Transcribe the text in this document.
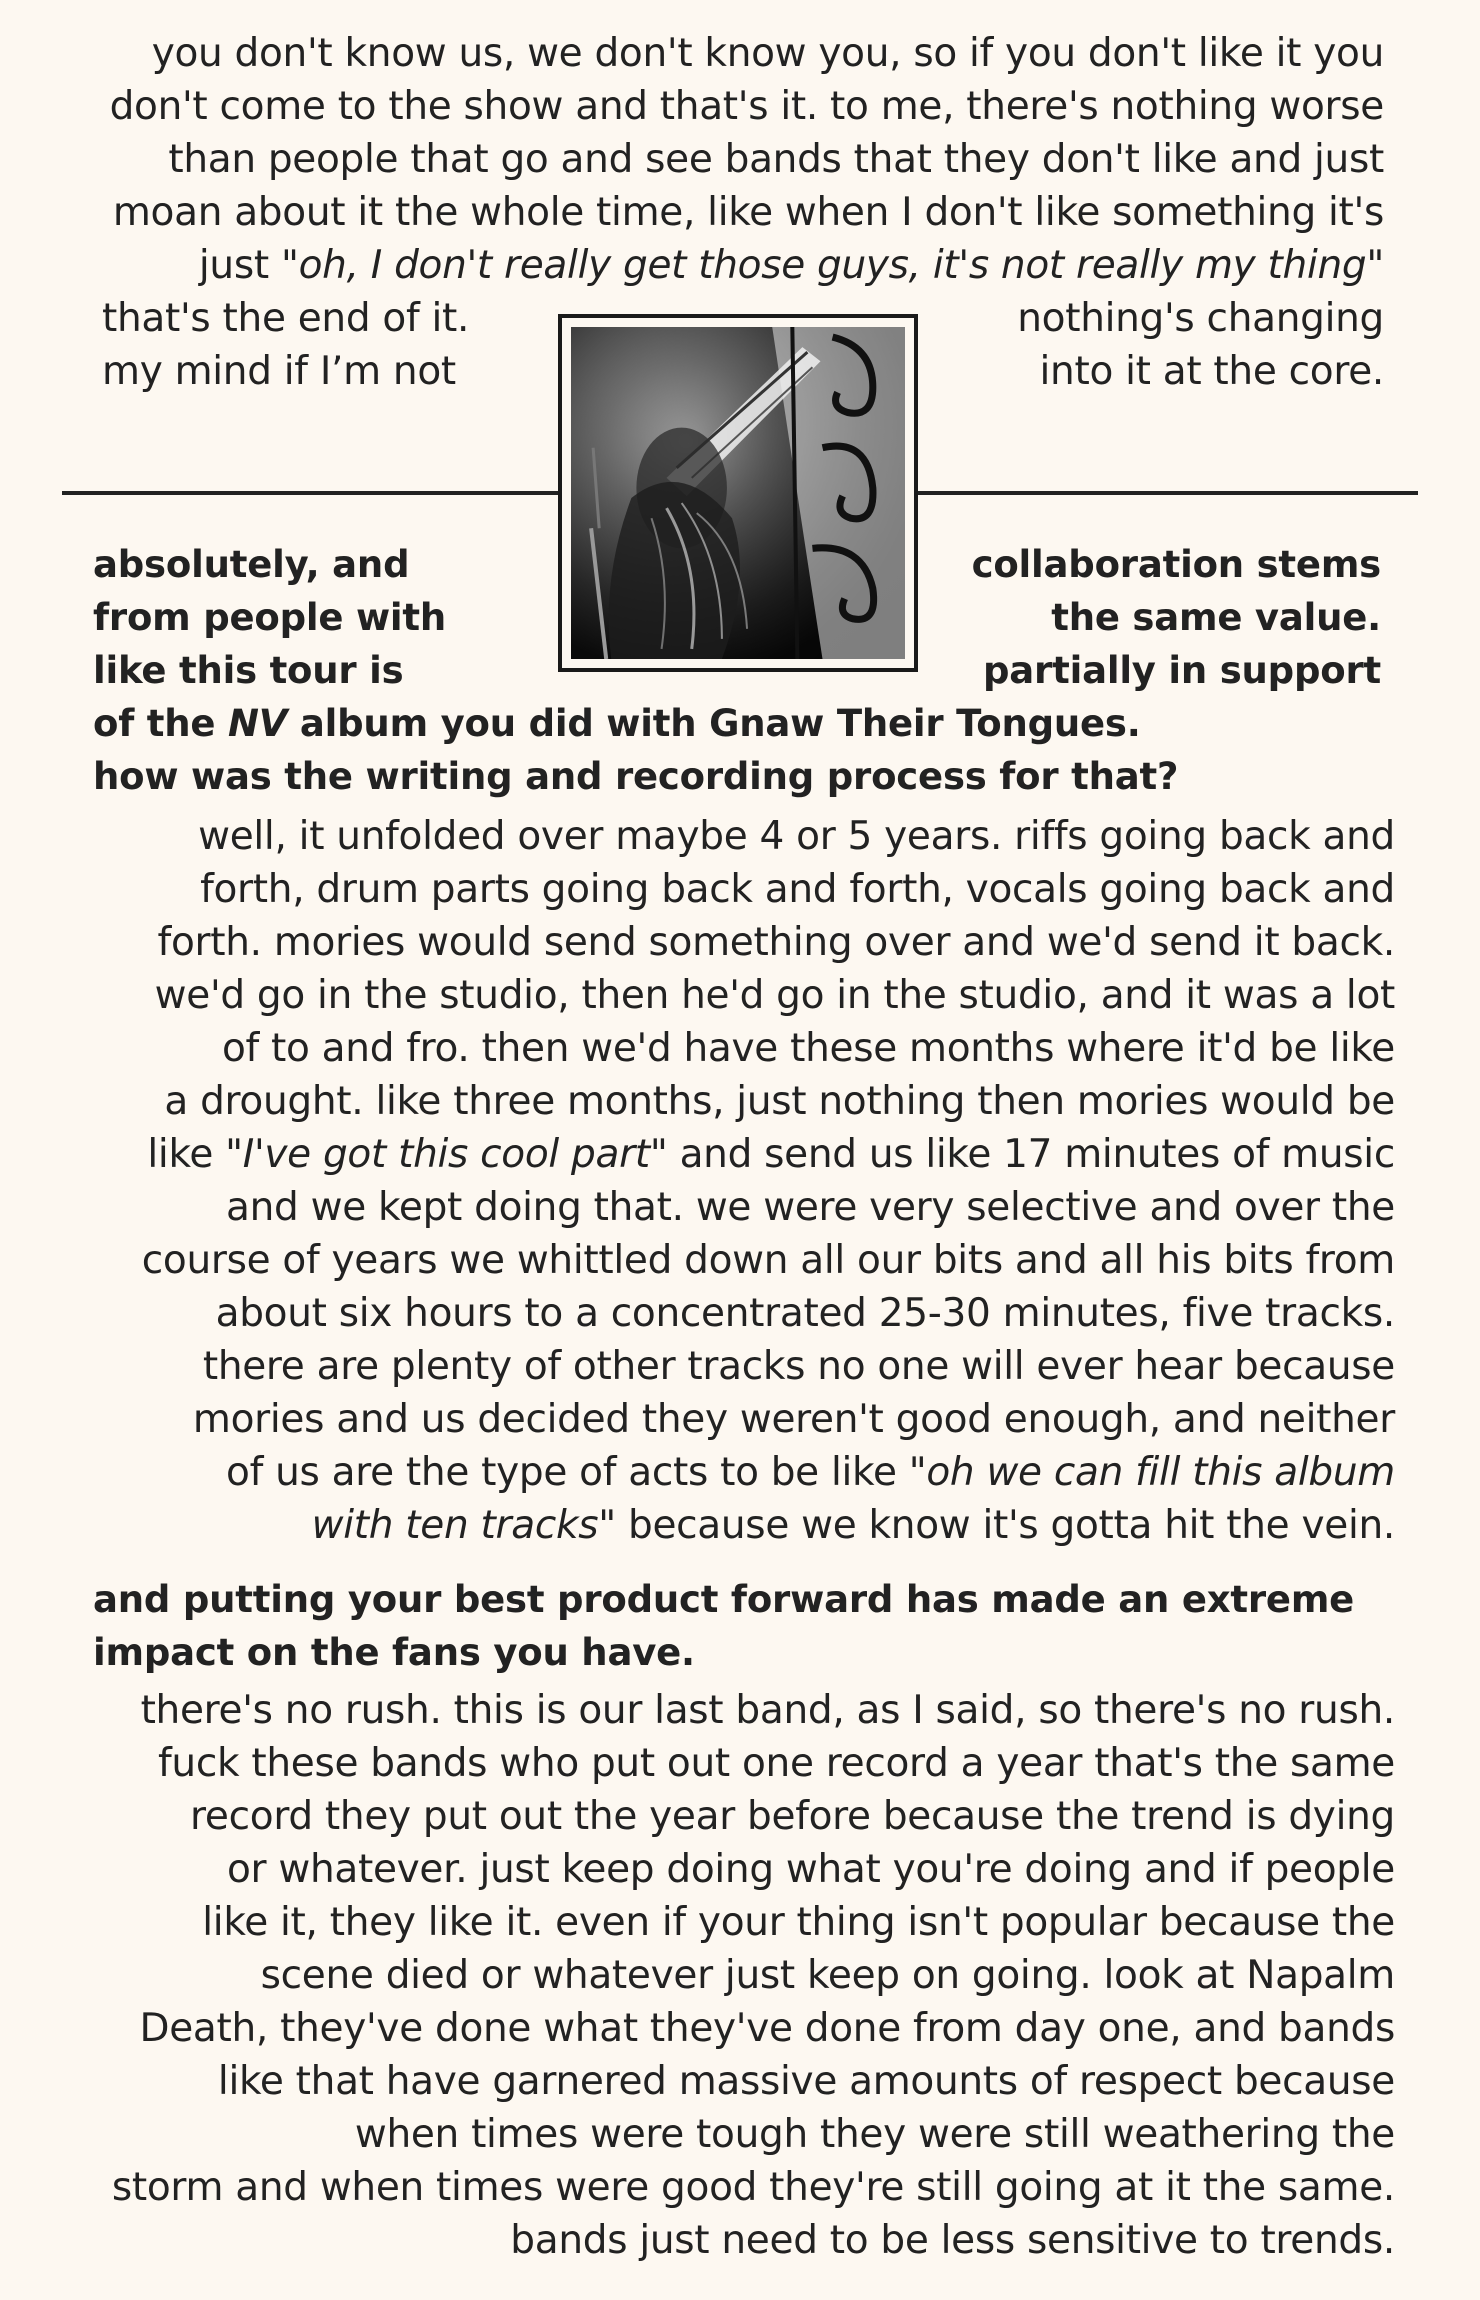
you don't know us, we don't know you, so if you don't like it you
don't come to the show and that's it. to me, there's nothing worse
than people that go and see bands that they don't like and just
moan about it the whole time, like when I don't like something it's
just "oh, I don't really get those guys, it's not really my thing"
that's the end of it.	nothing's changing
my mind if I’m not	into it at the core.
absolutely, and	collaboration stems
from people with	the same value.
like this tour is	partially in support
of the NV album you did with Gnaw Their Tongues.
how was the writing and recording process for that?
well, it unfolded over maybe 4 or 5 years. riffs going back and
forth, drum parts going back and forth, vocals going back and
forth. mories would send something over and we'd send it back.
we'd go in the studio, then he'd go in the studio, and it was a lot
of to and fro. then we'd have these months where it'd be like
a drought. like three months, just nothing then mories would be
like "I've got this cool part" and send us like 17 minutes of music
and we kept doing that. we were very selective and over the
course of years we whittled down all our bits and all his bits from
about six hours to a concentrated 25-30 minutes, five tracks.
there are plenty of other tracks no one will ever hear because
mories and us decided they weren't good enough, and neither
of us are the type of acts to be like "oh we can fill this album
with ten tracks" because we know it's gotta hit the vein.
and putting your best product forward has made an extreme
impact on the fans you have.
there's no rush. this is our last band, as I said, so there's no rush.
fuck these bands who put out one record a year that's the same
record they put out the year before because the trend is dying
or whatever. just keep doing what you're doing and if people
like it, they like it. even if your thing isn't popular because the
scene died or whatever just keep on going. look at Napalm
Death, they've done what they've done from day one, and bands
like that have garnered massive amounts of respect because
when times were tough they were still weathering the
storm and when times were good they're still going at it the same.
bands just need to be less sensitive to trends.
